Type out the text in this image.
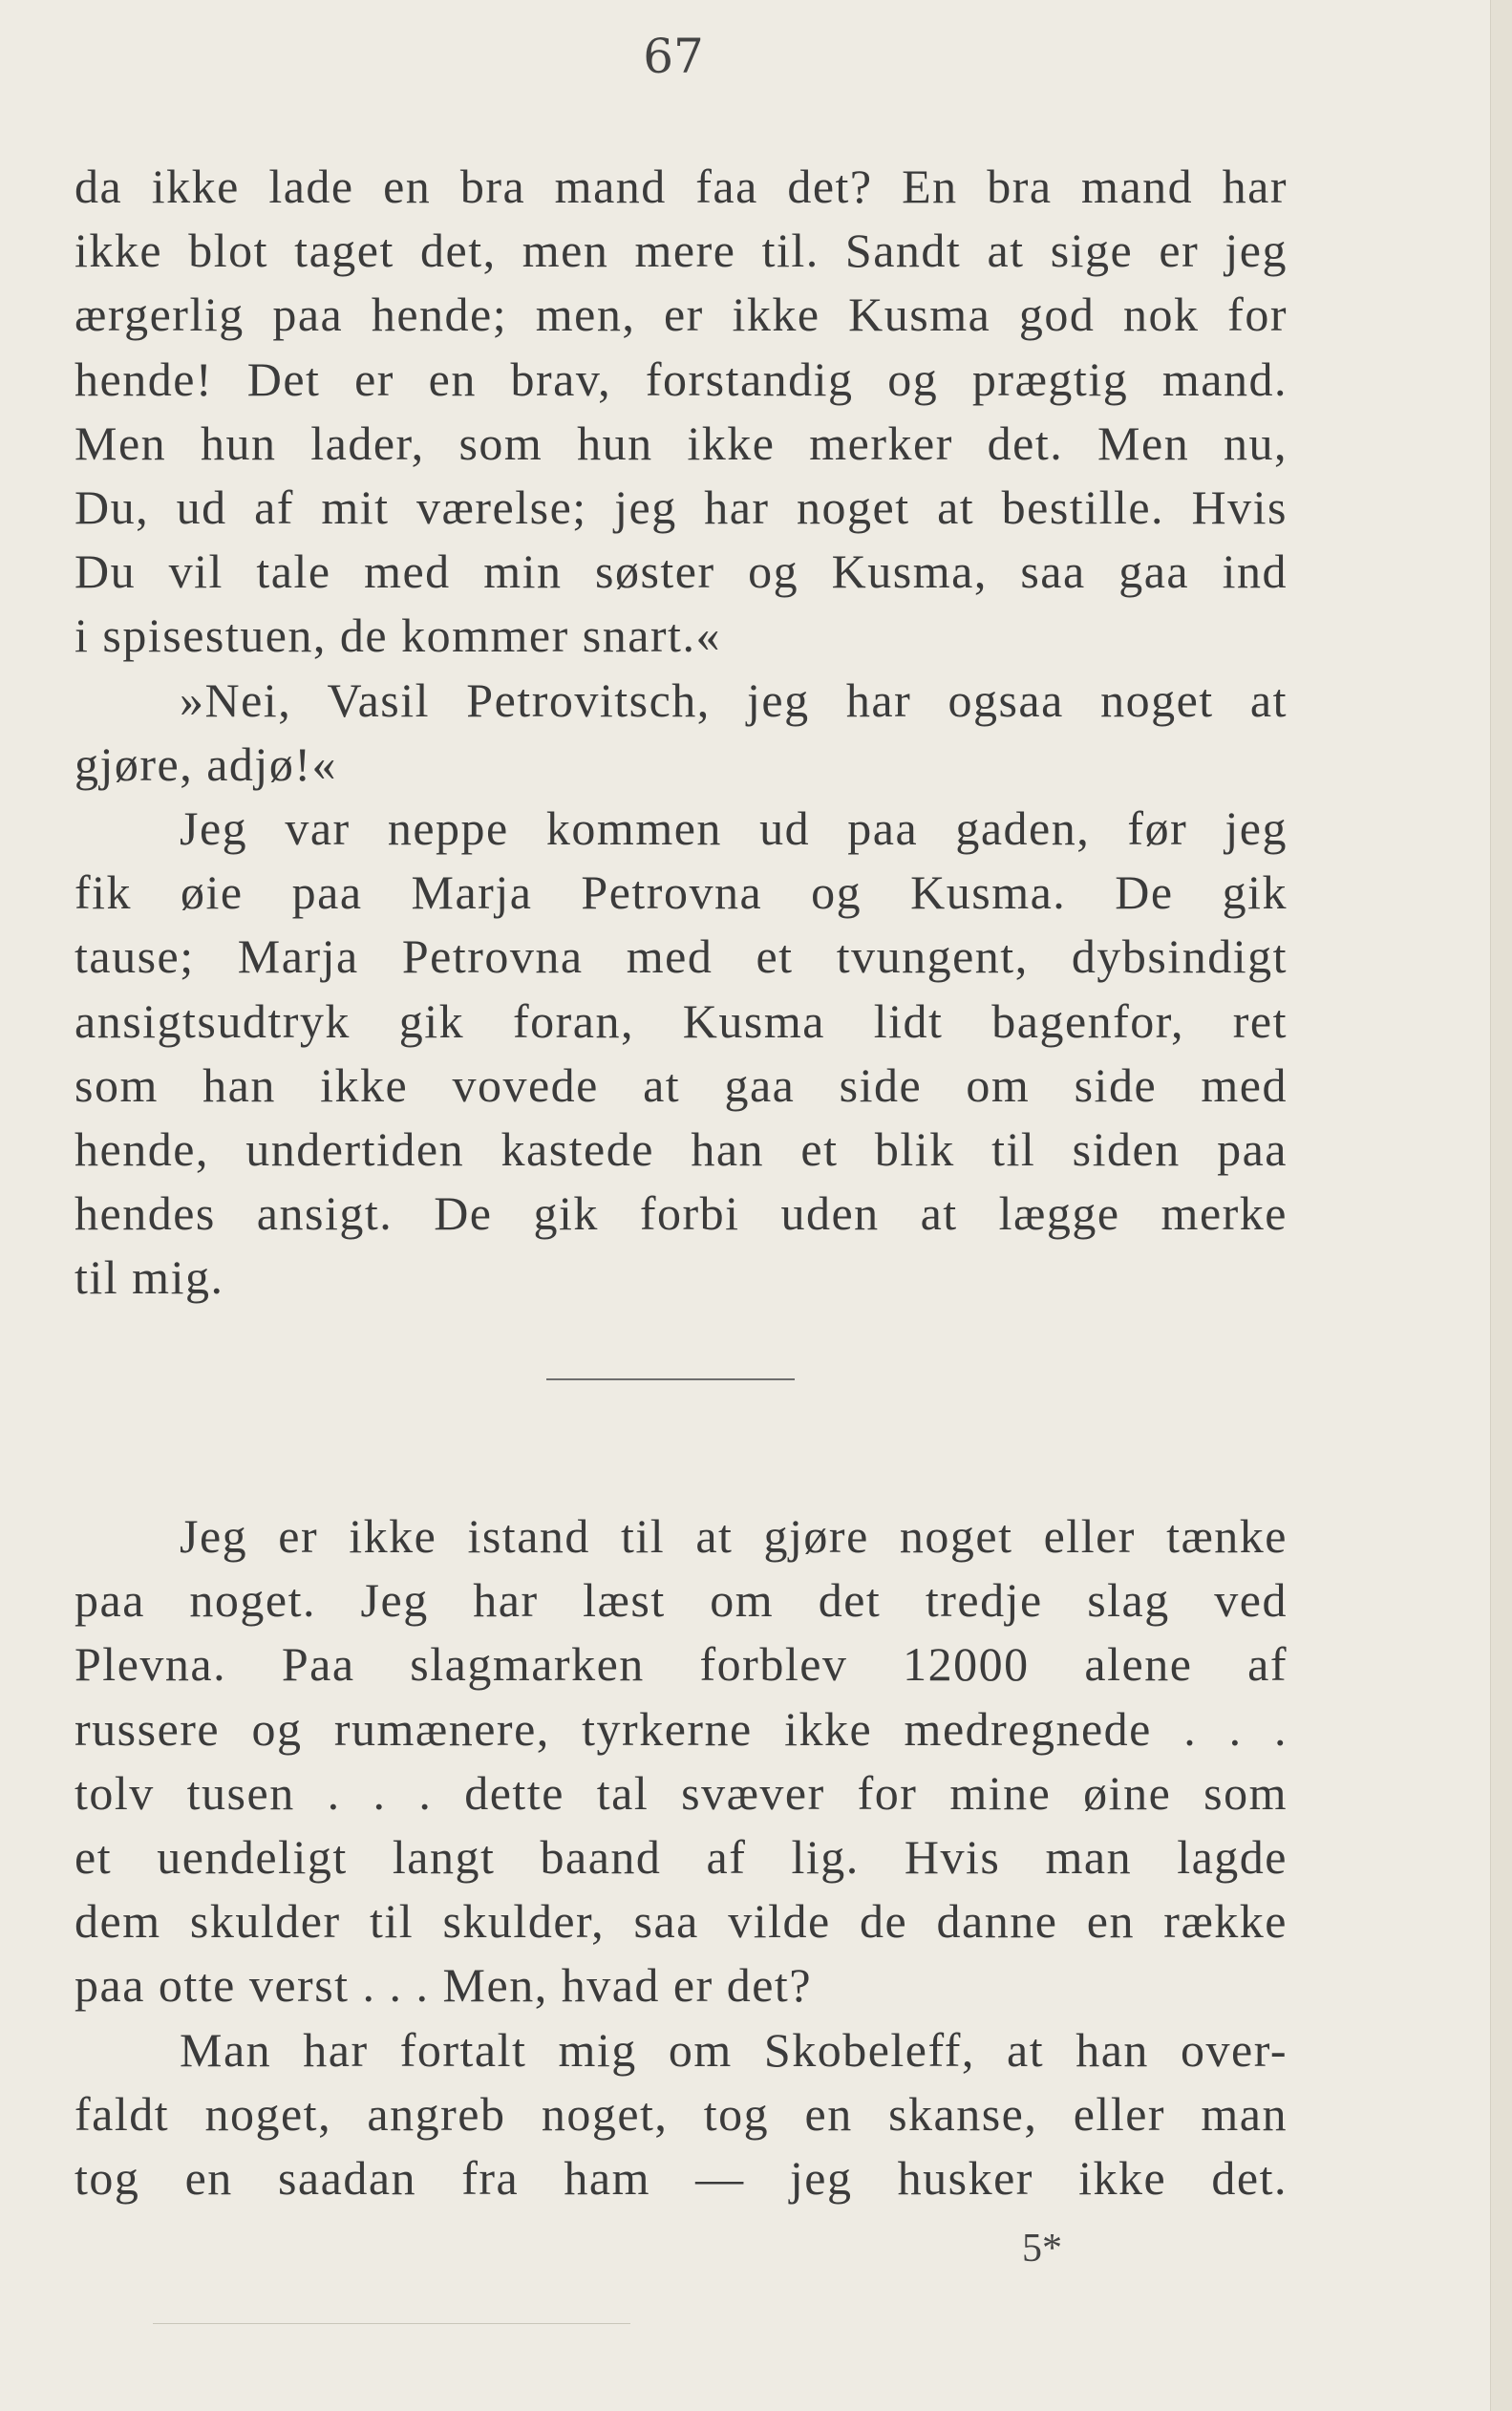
67
da ikke lade en bra mand faa det? En bra mand har
ikke blot taget det, men mere til. Sandt at sige er jeg
ærgerlig paa hende; men, er ikke Kusma god nok for
hende! Det er en brav, forstandig og prægtig mand.
Men hun lader, som hun ikke merker det. Men nu,
Du, ud af mit værelse; jeg har noget at bestille. Hvis
Du vil tale med min søster og Kusma, saa gaa ind
i spisestuen, de kommer snart.«
»Nei, Vasil Petrovitsch, jeg har ogsaa noget at
gjøre, adjø!«
Jeg var neppe kommen ud paa gaden, før jeg
fik øie paa Marja Petrovna og Kusma. De gik
tause; Marja Petrovna med et tvungent, dybsindigt
ansigtsudtryk gik foran, Kusma lidt bagenfor, ret
som han ikke vovede at gaa side om side med
hende, undertiden kastede han et blik til siden paa
hendes ansigt. De gik forbi uden at lægge merke
til mig.
Jeg er ikke istand til at gjøre noget eller tænke
paa noget. Jeg har læst om det tredje slag ved
Plevna. Paa slagmarken forblev 12000 alene af
russere og rumænere, tyrkerne ikke medregnede . . .
tolv tusen . . . dette tal svæver for mine øine som
et uendeligt langt baand af lig. Hvis man lagde
dem skulder til skulder, saa vilde de danne en række
paa otte verst . . . Men, hvad er det?
Man har fortalt mig om Skobeleff, at han over-
faldt noget, angreb noget, tog en skanse, eller man
tog en saadan fra ham — jeg husker ikke det.
5*
